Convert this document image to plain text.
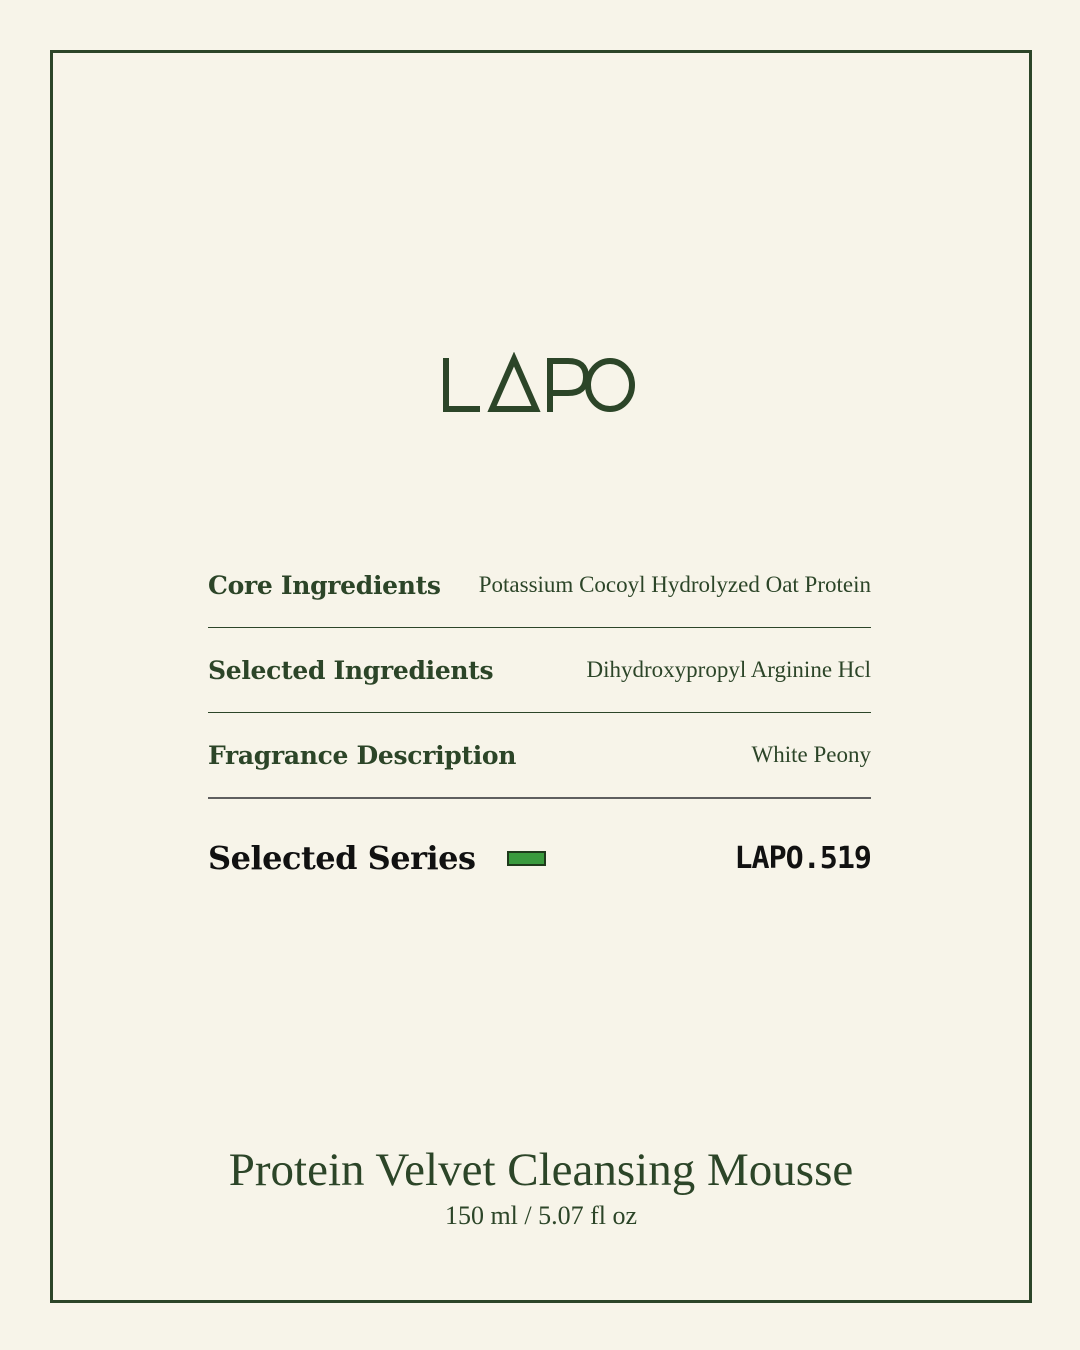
Core Ingredients Potassium Cocoyl Hydrolyzed Oat Protein
Selected Ingredients	Dihydroxypropyl Arginine Hcl
Fragrance Description	White Peony
Selected Series	LAPO.519
Protein Velvet Cleansing Mousse
150 ml / 5.07 fl oz
